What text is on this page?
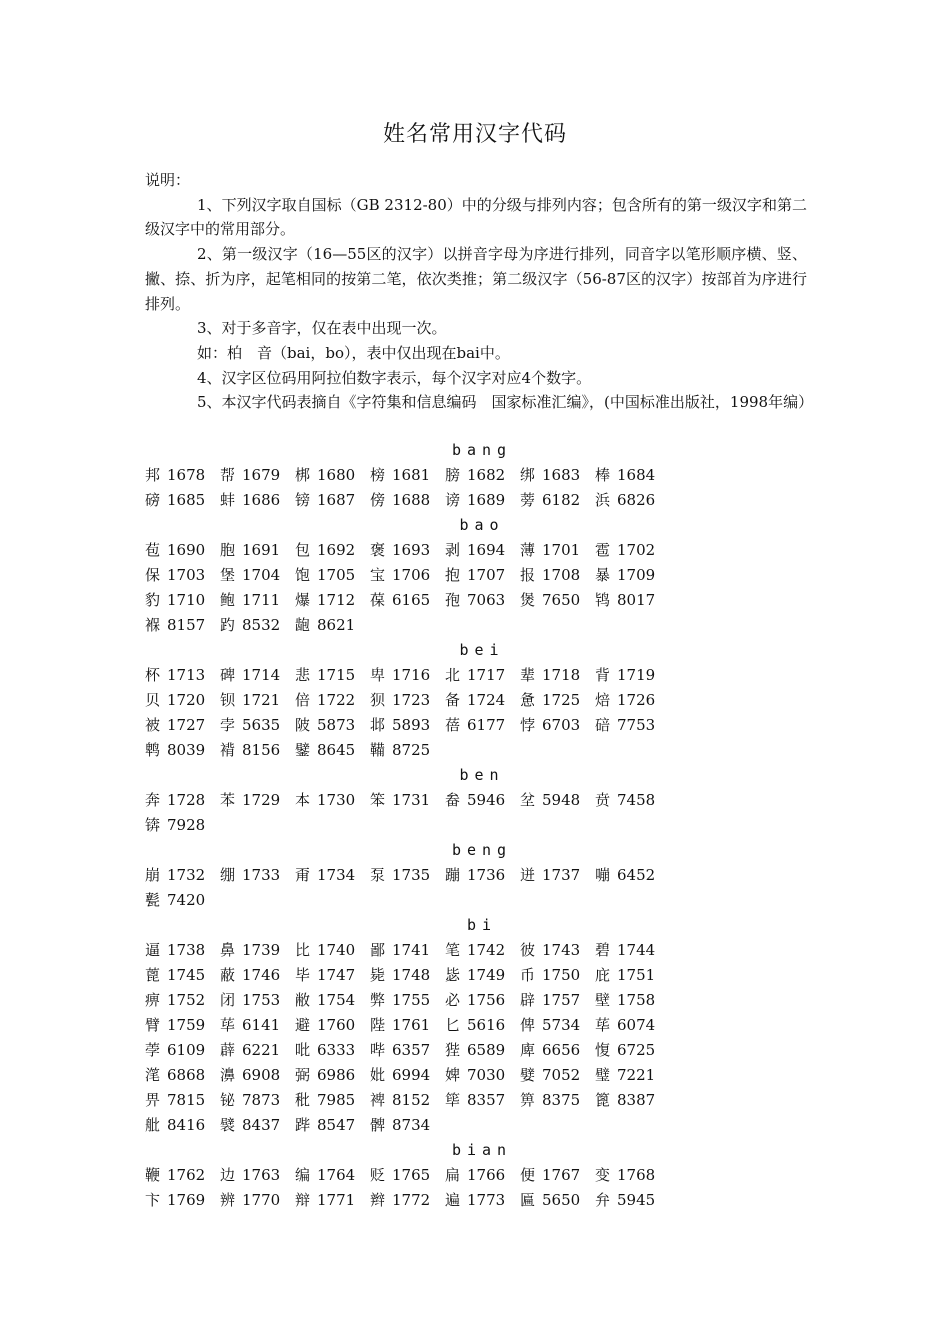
姓名常用汉字代码

说明：

1、下列汉字取自国标（GB 2312-80）中的分级与排列内容；包含所有的第一级汉字和第二级汉字中的常用部分。

2、第一级汉字（16—55区的汉字）以拼音字母为序进行排列，同音字以笔形顺序横、竖、撇、捺、折为序，起笔相同的按第二笔，依次类推；第二级汉字（56-87区的汉字）按部首为序进行排列。

3、对于多音字，仅在表中出现一次。

如：柏　音（bai，bo），表中仅出现在bai中。

4、汉字区位码用阿拉伯数字表示，每个汉字对应4个数字。

5、本汉字代码表摘自《字符集和信息编码　国家标准汇编》，(中国标准出版社，1998年编）

bang
邦 1678 帮 1679 梆 1680 榜 1681 膀 1682 绑 1683 棒 1684
磅 1685 蚌 1686 镑 1687 傍 1688 谤 1689 蒡 6182 浜 6826
bao
苞 1690 胞 1691 包 1692 褒 1693 剥 1694 薄 1701 雹 1702
保 1703 堡 1704 饱 1705 宝 1706 抱 1707 报 1708 暴 1709
豹 1710 鲍 1711 爆 1712 葆 6165 孢 7063 煲 7650 鸨 8017
褓 8157 趵 8532 龅 8621
bei
杯 1713 碑 1714 悲 1715 卑 1716 北 1717 辈 1718 背 1719
贝 1720 钡 1721 倍 1722 狈 1723 备 1724 惫 1725 焙 1726
被 1727 孛 5635 陂 5873 邶 5893 蓓 6177 悖 6703 碚 7753
鹎 8039 褙 8156 鐾 8645 鞴 8725
ben
奔 1728 苯 1729 本 1730 笨 1731 畚 5946 坌 5948 贲 7458
锛 7928
beng
崩 1732 绷 1733 甭 1734 泵 1735 蹦 1736 迸 1737 嘣 6452
甏 7420
bi
逼 1738 鼻 1739 比 1740 鄙 1741 笔 1742 彼 1743 碧 1744
蓖 1745 蔽 1746 毕 1747 毙 1748 毖 1749 币 1750 庇 1751
痹 1752 闭 1753 敝 1754 弊 1755 必 1756 辟 1757 壁 1758
臂 1759 荜 6141 避 1760 陛 1761 匕 5616 俾 5734 荜 6074
荸 6109 薜 6221 吡 6333 哔 6357 狴 6589 庳 6656 愎 6725
滗 6868 濞 6908 弼 6986 妣 6994 婢 7030 嬖 7052 璧 7221
畀 7815 铋 7873 秕 7985 裨 8152 筚 8357 箅 8375 篦 8387
舭 8416 襞 8437 跸 8547 髀 8734
bian
鞭 1762 边 1763 编 1764 贬 1765 扁 1766 便 1767 变 1768
卞 1769 辨 1770 辩 1771 辫 1772 遍 1773 匾 5650 弁 5945
